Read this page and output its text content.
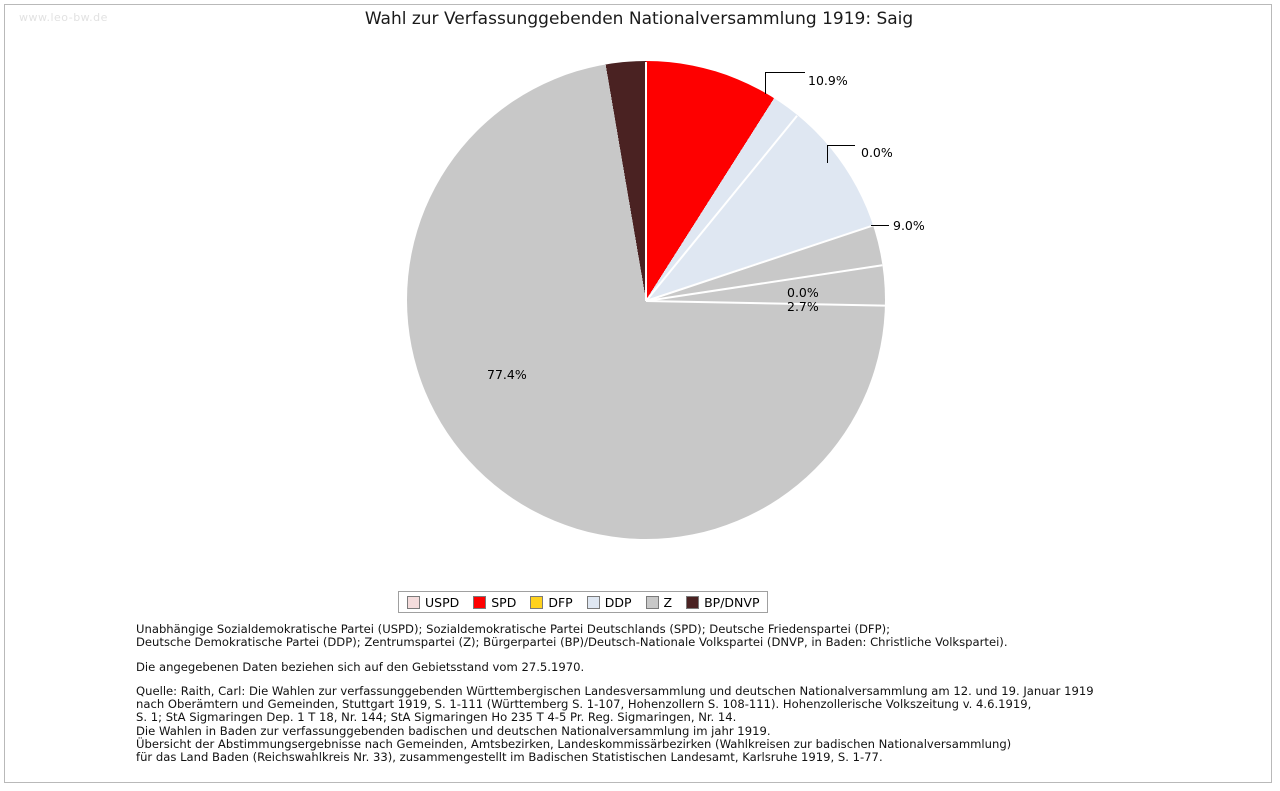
www.leo-bw.de	Wahl zur Verfassunggebenden Nationalversammlung 1919: Saig
10.9%
0.0%
9.0%
0.0%
2.7%
77.4%
USPD	SPD	DFP	DDP	Z	BP/DNVP
Unabhängige Sozialdemokratische Partei (USPD); Sozialdemokratische Partei Deutschlands (SPD); Deutsche Friedenspartei (DFP);
Deutsche Demokratische Partei (DDP); Zentrumspartei (Z); Bürgerpartei (BP)/Deutsch-Nationale Volkspartei (DNVP, in Baden: Christliche Volkspartei).
Die angegebenen Daten beziehen sich auf den Gebietsstand vom 27.5.1970.
Quelle: Raith, Carl: Die Wahlen zur verfassunggebenden Württembergischen Landesversammlung und deutschen Nationalversammlung am 12. und 19. Januar 1919
nach Oberämtern und Gemeinden, Stuttgart 1919, S. 1-111 (Württemberg S. 1-107, Hohenzollern S. 108-111). Hohenzollerische Volkszeitung v. 4.6.1919,
S. 1; StA Sigmaringen Dep. 1 T 18, Nr. 144; StA Sigmaringen Ho 235 T 4-5 Pr. Reg. Sigmaringen, Nr. 14.
Die Wahlen in Baden zur verfassunggebenden badischen und deutschen Nationalversammlung im jahr 1919.
Übersicht der Abstimmungsergebnisse nach Gemeinden, Amtsbezirken, Landeskommissärbezirken (Wahlkreisen zur badischen Nationalversammlung)
für das Land Baden (Reichswahlkreis Nr. 33), zusammengestellt im Badischen Statistischen Landesamt, Karlsruhe 1919, S. 1-77.
